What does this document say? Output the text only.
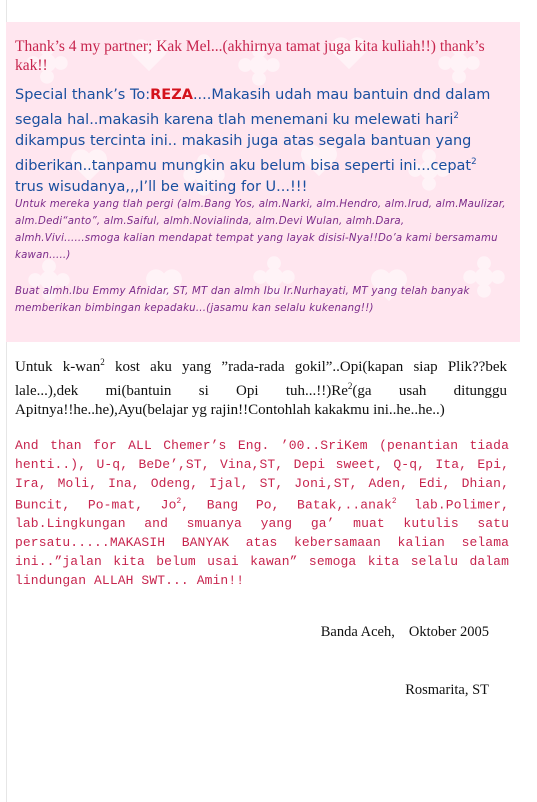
Thank’s 4 my partner; Kak Mel...(akhirnya tamat juga kita kuliah!!) thank’s kak!!

Special thank’s To:REZA....Makasih udah mau bantuin dnd dalam segala hal..makasih karena tlah menemani ku melewati hari$^2$ dikampus tercinta ini.. makasih juga atas segala bantuan yang diberikan..tanpamu mungkin aku belum bisa seperti ini...cepat$^2$ trus wisudanya,,,I’ll be waiting for U...!!!

Untuk mereka yang tlah pergi (alm.Bang Yos, alm.Narki, alm.Hendro, alm.Irud, alm.Maulizar, alm.Dedi“anto”, alm.Saiful, almh.Novialinda, alm.Devi Wulan, almh.Dara, almh.Vivi......smoga kalian mendapat tempat yang layak disisi-Nya!!Do’a kami bersamamu kawan.....)

Buat almh.Ibu Emmy Afnidar, ST, MT dan almh Ibu Ir.Nurhayati, MT yang telah banyak memberikan bimbingan kepadaku...(jasamu kan selalu kukenang!!)

Untuk k-wan$^2$ kost aku yang ”rada-rada gokil”..Opi(kapan siap Plik??bek lale...),dek mi(bantuin si Opi tuh...!!)Re$^2$(ga usah ditunggu Apitnya!!he..he),Ayu(belajar yg rajin!!Contohlah kakakmu ini..he..he..)

And than for ALL Chemer’s Eng. ’00..SriKem (penantian tiada henti..), U-q, BeDe’,ST, Vina,ST, Depi sweet, Q-q, Ita, Epi, Ira, Moli, Ina, Odeng, Ijal, ST, Joni,ST, Aden, Edi, Dhian, Buncit, Po-mat, Jo$^2$, Bang Po, Batak,..anak$^2$ lab.Polimer, lab.Lingkungan and smuanya yang ga’ muat kutulis satu persatu.....MAKASIH BANYAK atas kebersamaan kalian selama ini..”jalan kita belum usai kawan” semoga kita selalu dalam lindungan ALLAH SWT... Amin!!

Banda Aceh, Oktober 2005

Rosmarita, ST
